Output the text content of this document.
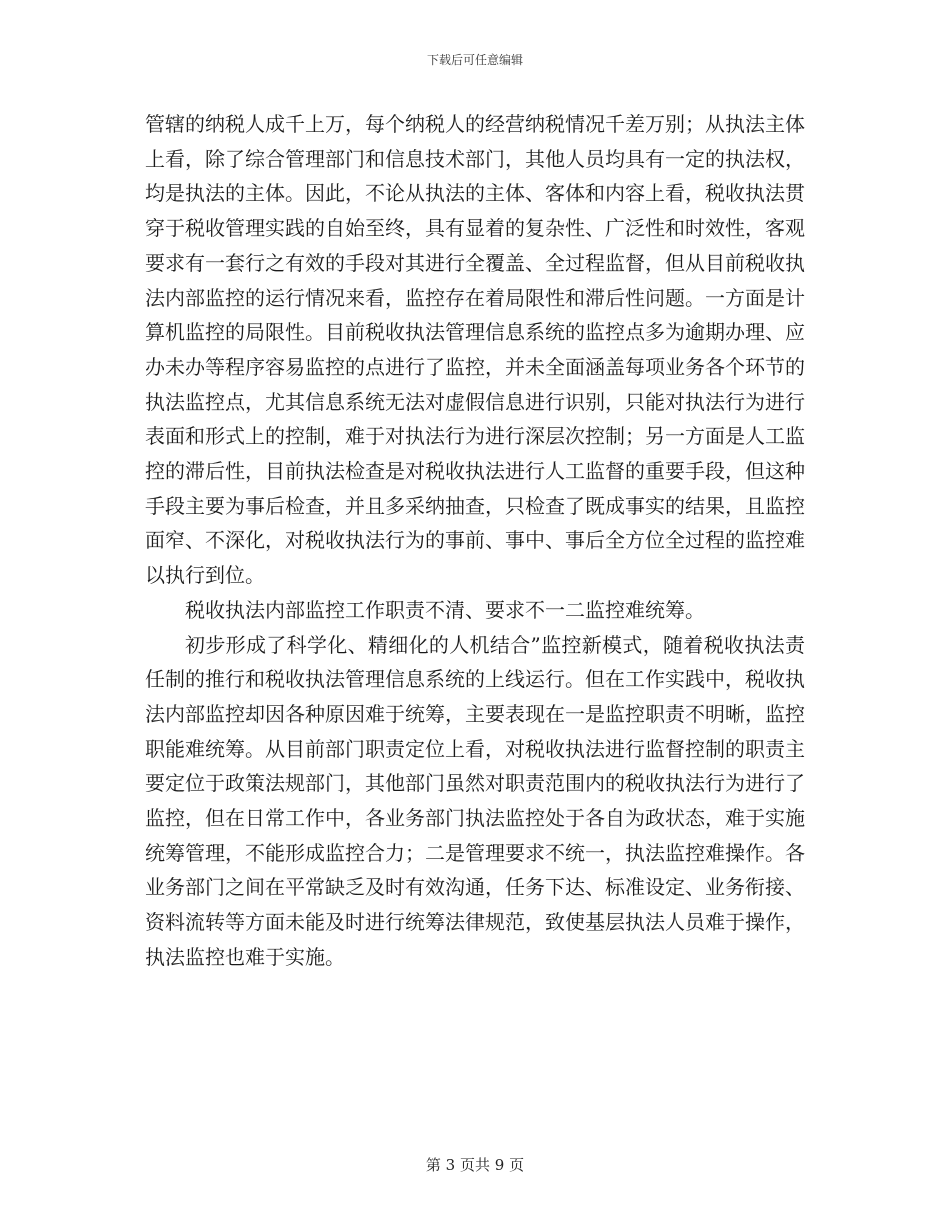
下载后可任意编辑

管辖的纳税人成千上万，每个纳税人的经营纳税情况千差万别；从执法主体上看，除了综合管理部门和信息技术部门，其他人员均具有一定的执法权，均是执法的主体。因此，不论从执法的主体、客体和内容上看，税收执法贯穿于税收管理实践的自始至终，具有显着的复杂性、广泛性和时效性，客观要求有一套行之有效的手段对其进行全覆盖、全过程监督，但从目前税收执法内部监控的运行情况来看，监控存在着局限性和滞后性问题。一方面是计算机监控的局限性。目前税收执法管理信息系统的监控点多为逾期办理、应办未办等程序容易监控的点进行了监控，并未全面涵盖每项业务各个环节的执法监控点，尤其信息系统无法对虚假信息进行识别，只能对执法行为进行表面和形式上的控制，难于对执法行为进行深层次控制；另一方面是人工监控的滞后性，目前执法检查是对税收执法进行人工监督的重要手段，但这种手段主要为事后检查，并且多采纳抽查，只检查了既成事实的结果，且监控面窄、不深化，对税收执法行为的事前、事中、事后全方位全过程的监控难以执行到位。

税收执法内部监控工作职责不清、要求不一二监控难统筹。

初步形成了科学化、精细化的人机结合”监控新模式，随着税收执法责任制的推行和税收执法管理信息系统的上线运行。但在工作实践中，税收执法内部监控却因各种原因难于统筹，主要表现在一是监控职责不明晰，监控职能难统筹。从目前部门职责定位上看，对税收执法进行监督控制的职责主要定位于政策法规部门，其他部门虽然对职责范围内的税收执法行为进行了监控，但在日常工作中，各业务部门执法监控处于各自为政状态，难于实施统筹管理，不能形成监控合力；二是管理要求不统一，执法监控难操作。各业务部门之间在平常缺乏及时有效沟通，任务下达、标准设定、业务衔接、资料流转等方面未能及时进行统筹法律规范，致使基层执法人员难于操作，执法监控也难于实施。

第 3 页共 9 页
